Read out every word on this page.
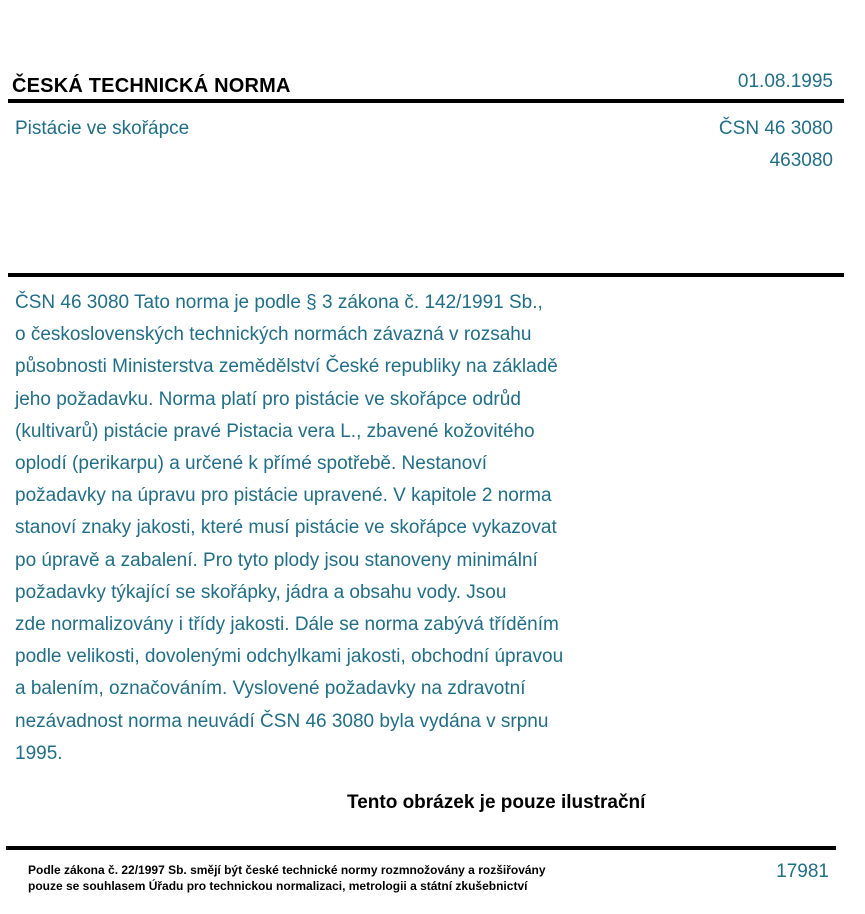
ČESKÁ TECHNICKÁ NORMA	01.08.1995
Pistácie ve skořápce	ČSN 46 3080
463080
ČSN 46 3080 Tato norma je podle § 3 zákona č. 142/1991 Sb.,
o československých technických normách závazná v rozsahu
působnosti Ministerstva zemědělství České republiky na základě
jeho požadavku. Norma platí pro pistácie ve skořápce odrůd
(kultivarů) pistácie pravé Pistacia vera L., zbavené kožovitého
oplodí (perikarpu) a určené k přímé spotřebě. Nestanoví
požadavky na úpravu pro pistácie upravené. V kapitole 2 norma
stanoví znaky jakosti, které musí pistácie ve skořápce vykazovat
po úpravě a zabalení. Pro tyto plody jsou stanoveny minimální
požadavky týkající se skořápky, jádra a obsahu vody. Jsou
zde normalizovány i třídy jakosti. Dále se norma zabývá tříděním
podle velikosti, dovolenými odchylkami jakosti, obchodní úpravou
a balením, označováním. Vyslovené požadavky na zdravotní
nezávadnost norma neuvádí ČSN 46 3080 byla vydána v srpnu
1995.
Tento obrázek je pouze ilustrační
Podle zákona č. 22/1997 Sb. smějí být české technické normy rozmnožovány a rozšiřovány
pouze se souhlasem Úřadu pro technickou normalizaci, metrologii a státní zkušebnictví
17981
